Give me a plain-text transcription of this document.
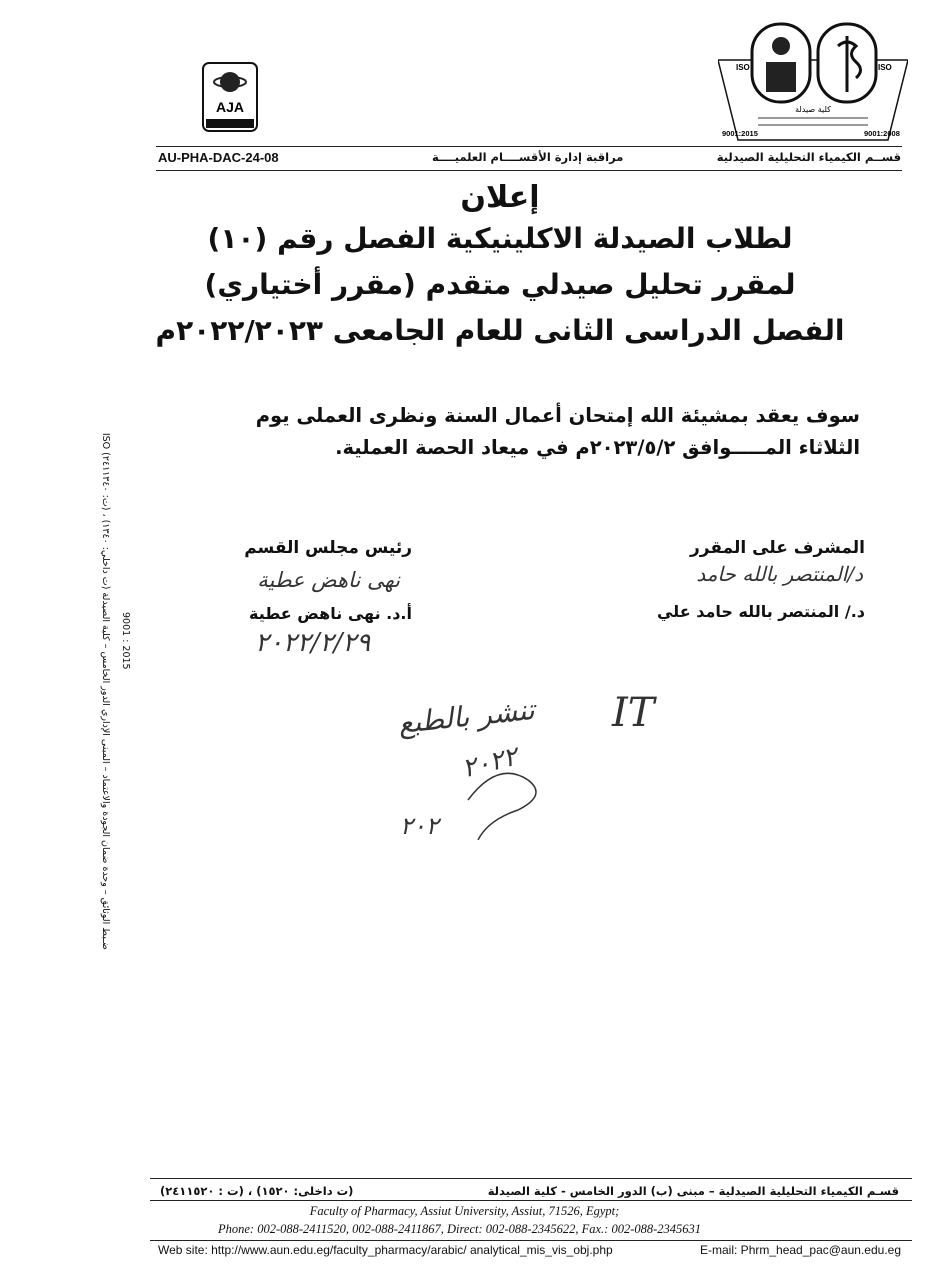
AJA
ISO	ISO
كلية صيدلة
9001:2015	9001:2008
AU-PHA-DAC-24-08	مراقبة إدارة الأقســــام العلميــــة	قســم الكيمياء التحليلية الصيدلية
إعلان
لطلاب الصيدلة الاكلينيكية الفصل رقم (١٠)
لمقرر تحليل صيدلي متقدم (مقرر أختياري)
الفصل الدراسى الثانى للعام الجامعى ٢٠٢٢/٢٠٢٣م
سوف يعقد بمشيئة الله إمتحان أعمال السنة ونظرى العملى يوم
الثلاثاء المـــــوافق ٢٠٢٣/٥/٢م في ميعاد الحصة العملية.
المشرف على المقرر
د/المنتصر بالله حامد
د./ المنتصر بالله حامد علي
رئيس مجلس القسم
نهى ناهض عطية
أ.د. نهى ناهض عطية
٢٠٢٢/٢/٢٩
تنشر بالطبع IT
٢٠٢٢
٢٠٢
ضـبط الوثائق – وحدة ضمان الجودة والاعتماد – المبنى الإداري الدور الخامس – كلية الصيدلة (ت داخلي: ١٣٤٠) ، (ت: ٢٤١١٣٤٠) ISO 9001 : 2015
قسـم الكيمياء التحليلية الصيدلية – مبنى (ب) الدور الخامس - كلية الصيدلة
(ت داخلى: ١٥٢٠) ، (ت : ٢٤١١٥٢٠)
Faculty of Pharmacy, Assiut University, Assiut, 71526, Egypt;
Phone: 002-088-2411520, 002-088-2411867, Direct: 002-088-2345622, Fax.: 002-088-2345631
Web site: http://www.aun.edu.eg/faculty_pharmacy/arabic/ analytical_mis_vis_obj.php	E-mail: Phrm_head_pac@aun.edu.eg
